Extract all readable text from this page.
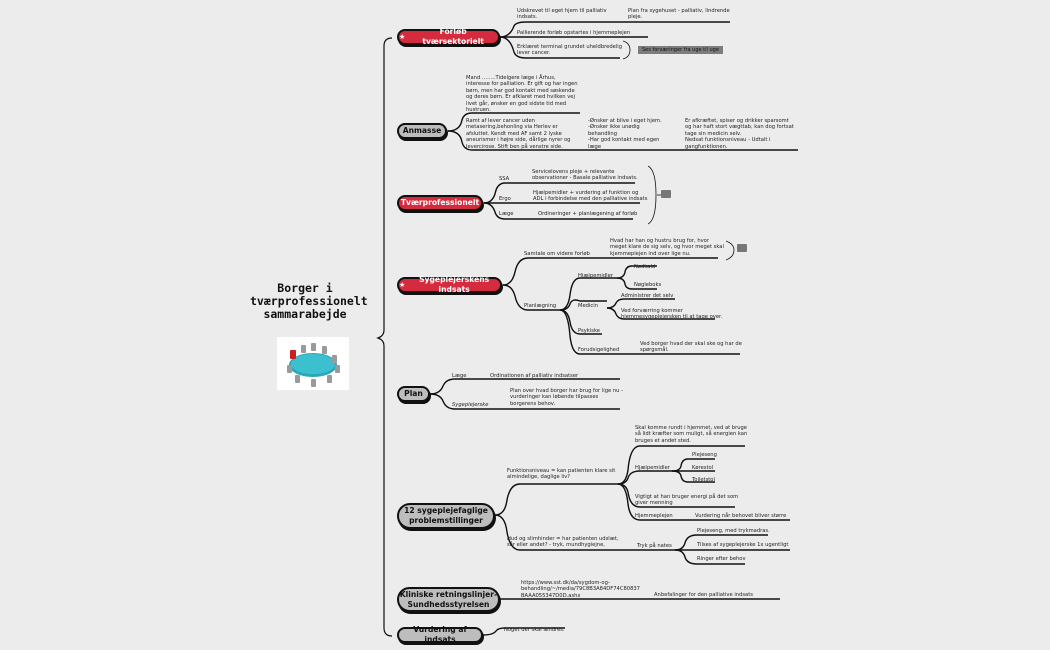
Borger i tværprofessionelt sammarabejde
★
Forløb tværsektorielt
Udskrevet til eget hjem til palliativ
indsats.
Plan fra sygehuset - palliativ, lindrende
pleje.
Pallierende forløb opstartes i hjemmeplejen
Erklæret terminal grundet uheldbredelig
lever cancer.
Ses forværinger fra uge til uge
Anmasse
Mand ……..Tidelgere læge i Århus,
interesse for palliation. Er gift og har ingen
børn, men har god kontakt med søskende
og deres børn. Er afklaret med hvilken vej
livet går, ønsker en god sidste tid med
hustruen.
Ramt af lever cancer uden
metasering,behonling via Herlev er
afsluttet. Kendt med AF samt 2 lyske
aneurismer i højre side, dårlige nyrer og
levercirose. Stift ben på venstre side.
-Ønsker at blive i eget hjem.
-Ønsker ikke unødig
behandling
-Har god kontakt med egen
læge
Er afkræftet, spiser og drikker sparsomt
og har haft stort vægttab, kan dog fortsat
tage sin medicin selv.
Nedsat funktionsniveau - Udtalt i
gangfunktionen.
Tværprofessionelt
SSA
Servicelovens pleje + relevante
observationer - Basale palliative indsats.
Ergo
Hjælpemidler + vurdering af funktion og
ADL i forbindelse med den palliative indsats
Læge	Ordineringer + planlægening af forløb
★
Sygeplejerskens indsats
Samtale om videre forløb
Hvad har han og hustru brug for, hvor
meget klare de sig selv, og hvor meget skal
kjemmeplejen ind over lige nu.
Planlægning
Hjælpemidler
Nødkald
Nøgleboks
Medicin
Administrer det selv
Ved forværring kommer
hjemmesygeplejersken til at tage over.
Psykiske
Forudsigelighed
Ved borger hvad der skal ske og har de
spørgsmål.
Plan
Læge	Ordinationen af palliativ indsatser
Sygeplejerske
Plan over hvad borger har brug for lige nu -
vurderinger kan løbende tilpasses
borgerens behov.
12 sygeplejefaglige problemstillinger
Funktionsniveau = kan patienten klare sit
almindelige, daglige liv?
Skal komme rundt i hjemmet, ved at bruge
så lidt kræfter som muligt, så energien kan
bruges et andet sted.
Hjælpemidler
Plejeseng
Kørestol
Toiletstol
Vigtigt at han bruger energi på det som
giver menning
Hjemmeplejen	Vurdering når behovet bliver større
Hud og slimhinder = har patienten udslæt,
sår eller andet? - tryk, mundhygiejne,	Tryk på nates
Plejeseng, med trykmadras.
Tilses af sygeplejerske 1x ugentligt
Ringer efter behov
Kliniske retningslinjer- Sundhedsstyrelsen
https://www.sst.dk/da/sygdom-og-
behandling/~/media/79C8B3A84DF74C80837
BAAA055347D0D.ashx	Anbefalinger for den palliative indsats
Vurdering af indsats
Noget der skal ændres.
